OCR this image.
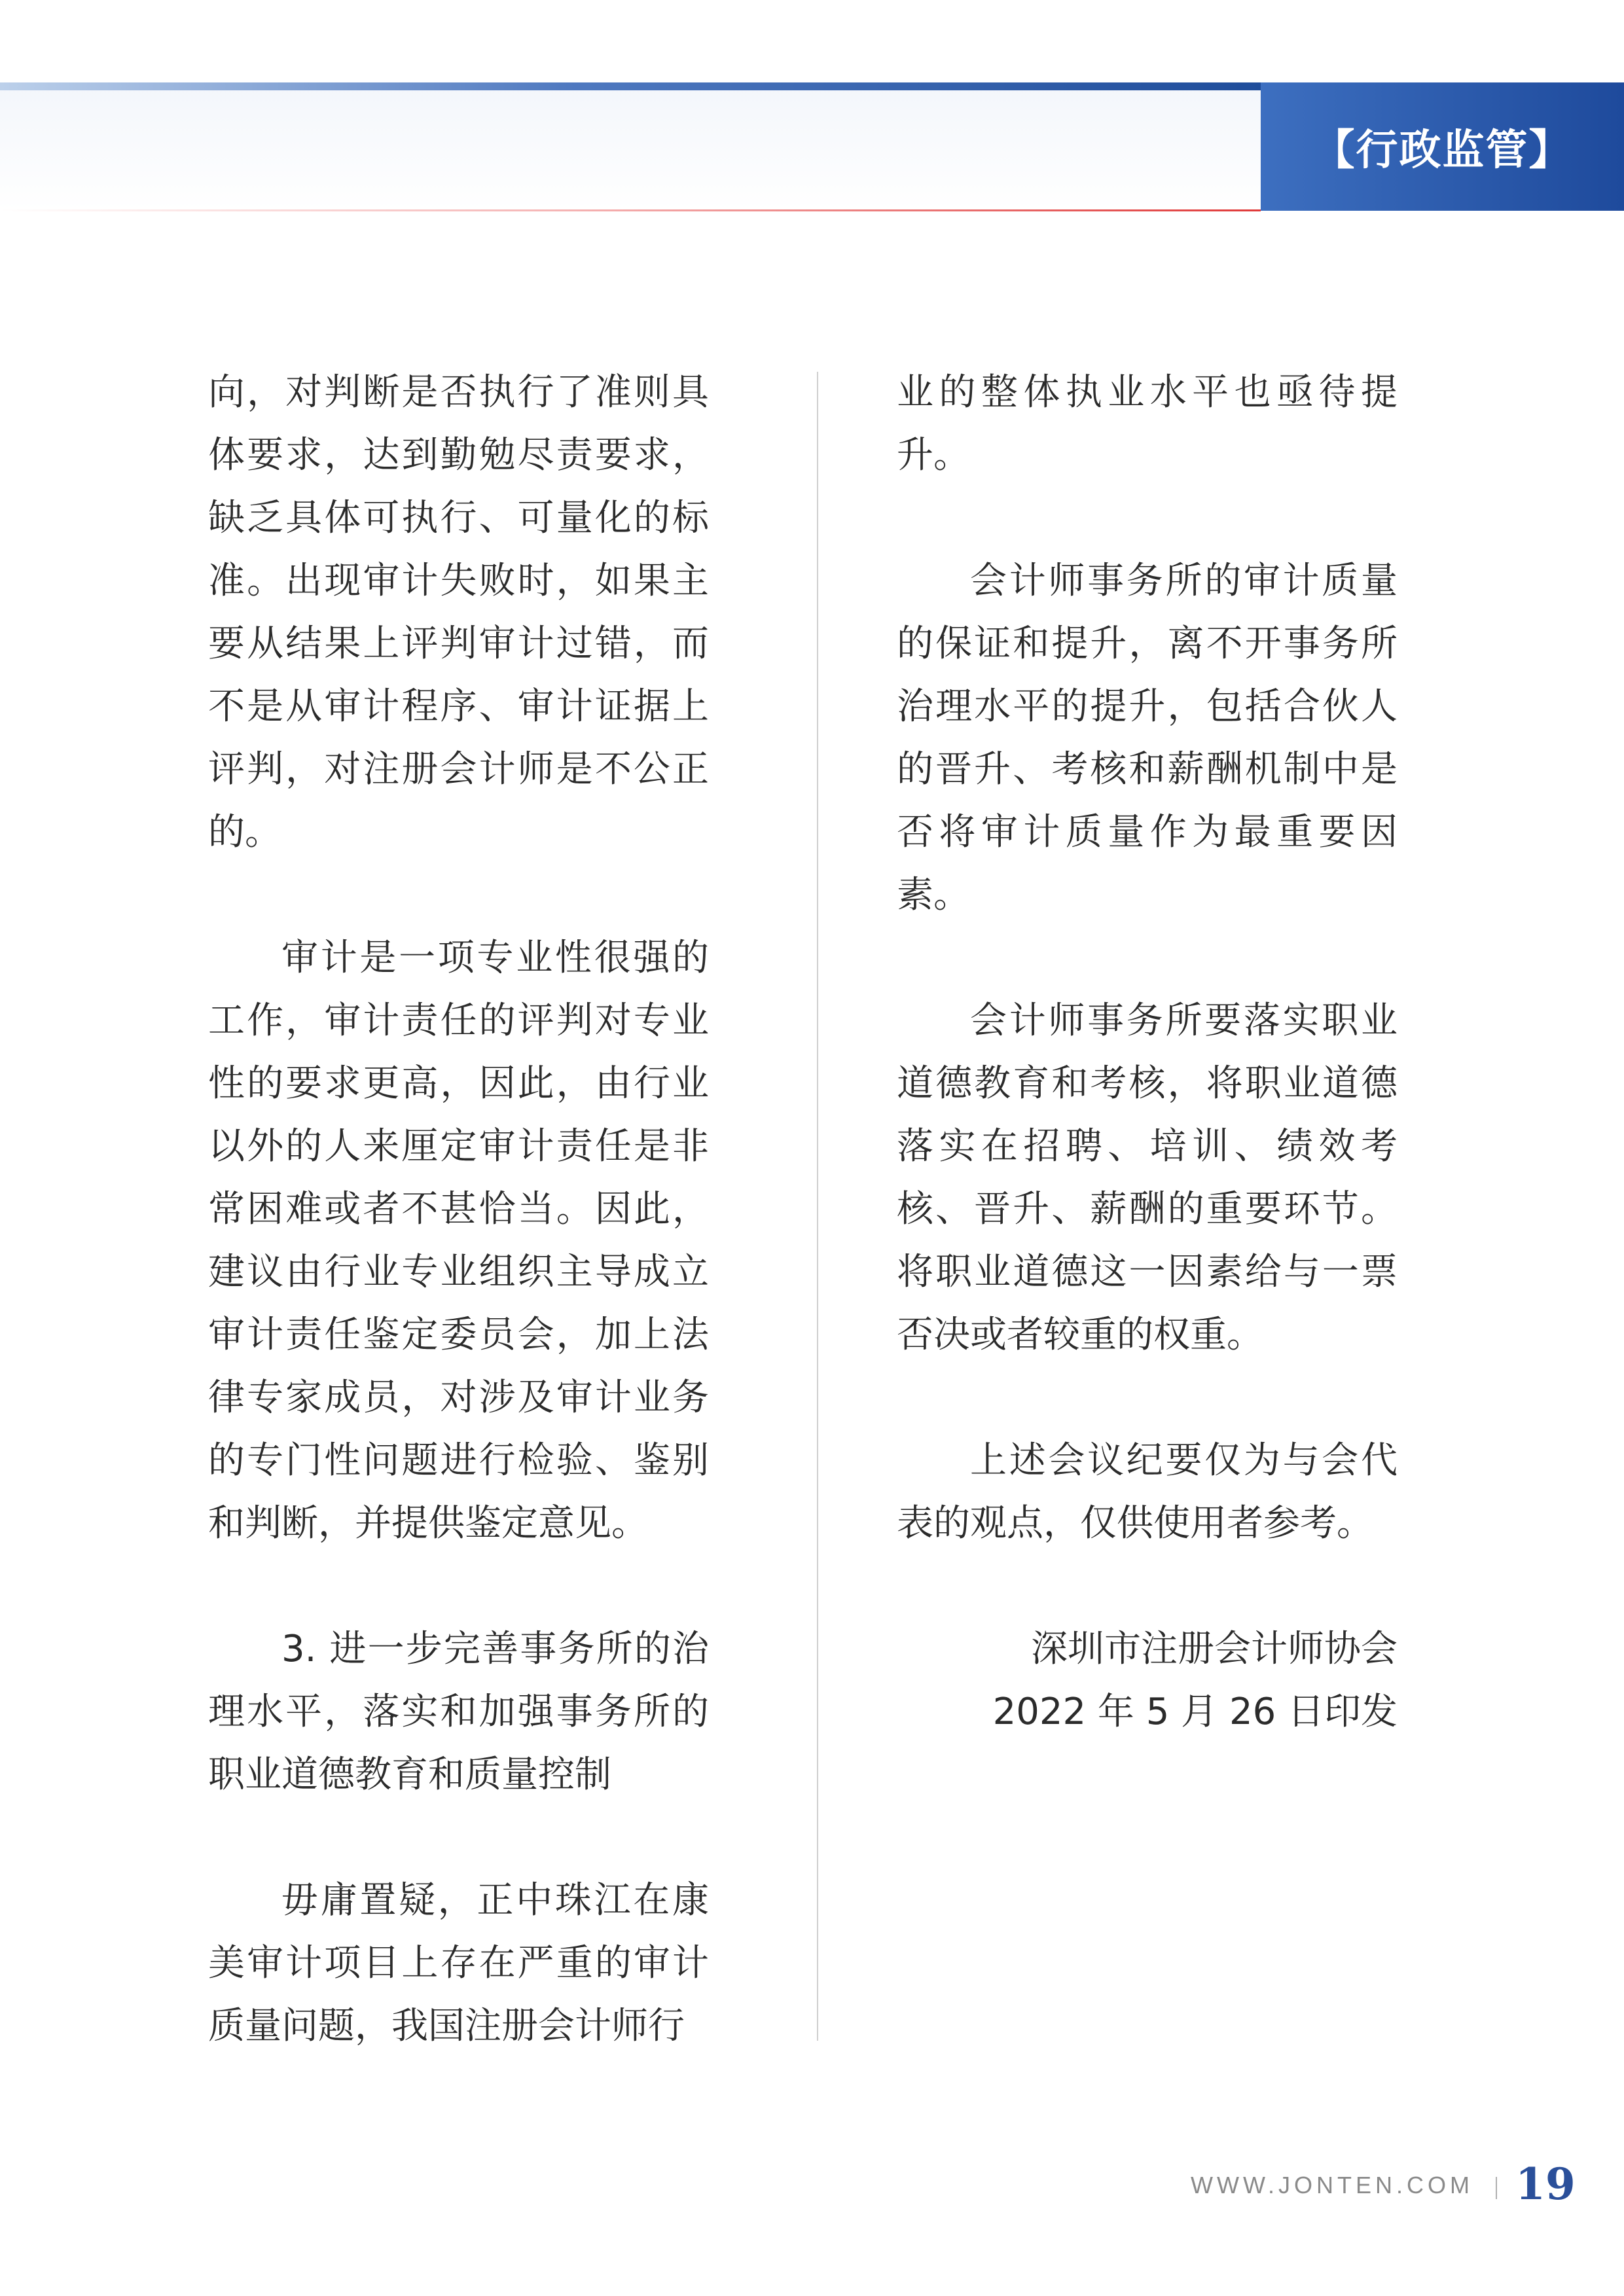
【行政监管】

向，对判断是否执行了准则具体要求，达到勤勉尽责要求，缺乏具体可执行、可量化的标准。出现审计失败时，如果主要从结果上评判审计过错，而不是从审计程序、审计证据上评判，对注册会计师是不公正的。

审计是一项专业性很强的工作，审计责任的评判对专业性的要求更高，因此，由行业以外的人来厘定审计责任是非常困难或者不甚恰当。因此，建议由行业专业组织主导成立审计责任鉴定委员会，加上法律专家成员，对涉及审计业务的专门性问题进行检验、鉴别和判断，并提供鉴定意见。

3. 进一步完善事务所的治理水平，落实和加强事务所的职业道德教育和质量控制

毋庸置疑，正中珠江在康美审计项目上存在严重的审计质量问题，我国注册会计师行

业的整体执业水平也亟待提升。

会计师事务所的审计质量的保证和提升，离不开事务所治理水平的提升，包括合伙人的晋升、考核和薪酬机制中是否将审计质量作为最重要因素。

会计师事务所要落实职业道德教育和考核，将职业道德落实在招聘、培训、绩效考核、晋升、薪酬的重要环节。将职业道德这一因素给与一票否决或者较重的权重。

上述会议纪要仅为与会代表的观点，仅供使用者参考。

深圳市注册会计师协会

2022 年 5 月 26 日印发

WWW.JONTEN.COM 19
